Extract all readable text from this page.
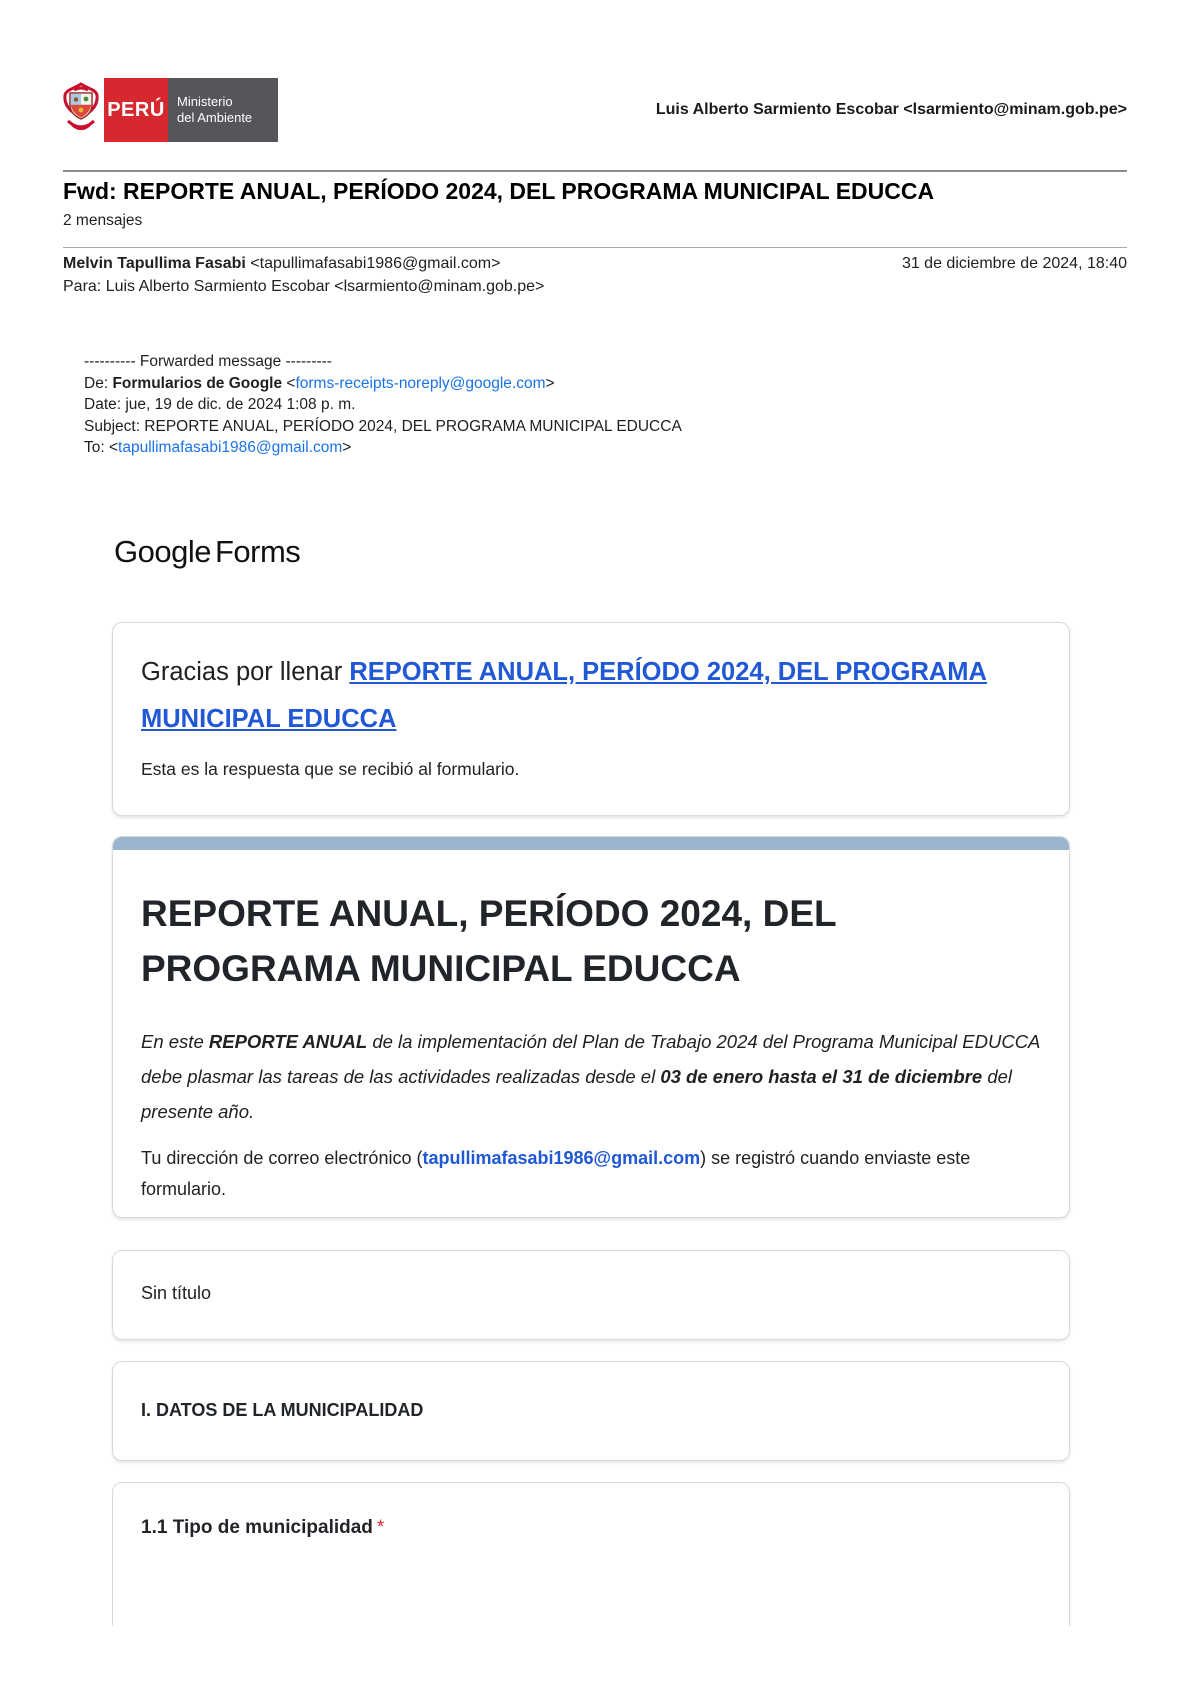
PERÚ Ministerio
del Ambiente	Luis Alberto Sarmiento Escobar <lsarmiento@minam.gob.pe>
Fwd: REPORTE ANUAL, PERÍODO 2024, DEL PROGRAMA MUNICIPAL EDUCCA
2 mensajes
Melvin Tapullima Fasabi <tapullimafasabi1986@gmail.com>	31 de diciembre de 2024, 18:40
Para: Luis Alberto Sarmiento Escobar <lsarmiento@minam.gob.pe>
---------- Forwarded message ---------
De: Formularios de Google <forms-receipts-noreply@google.com>
Date: jue, 19 de dic. de 2024 1:08 p. m.
Subject: REPORTE ANUAL, PERÍODO 2024, DEL PROGRAMA MUNICIPAL EDUCCA
To: <tapullimafasabi1986@gmail.com>
Google Forms

Gracias por llenar REPORTE ANUAL, PERÍODO 2024, DEL PROGRAMA MUNICIPAL EDUCCA

Esta es la respuesta que se recibió al formulario.

REPORTE ANUAL, PERÍODO 2024, DEL PROGRAMA MUNICIPAL EDUCCA

En este REPORTE ANUAL de la implementación del Plan de Trabajo 2024 del Programa Municipal EDUCCA debe plasmar las tareas de las actividades realizadas desde el 03 de enero hasta el 31 de diciembre del presente año.

Tu dirección de correo electrónico (tapullimafasabi1986@gmail.com) se registró cuando enviaste este formulario.

Sin título

I. DATOS DE LA MUNICIPALIDAD

1.1 Tipo de municipalidad *
